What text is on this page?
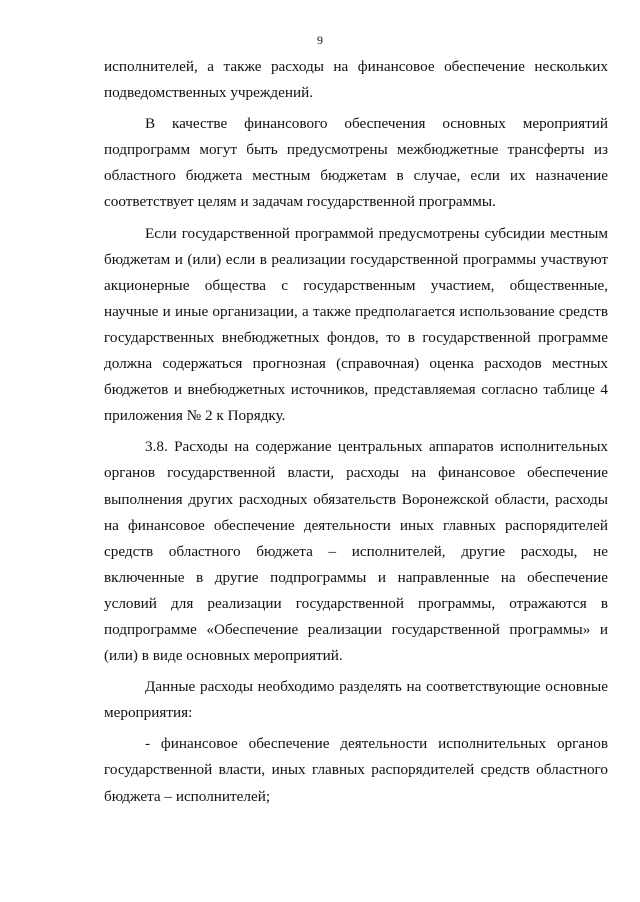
9

исполнителей, а также расходы на финансовое обеспечение нескольких подведомственных учреждений.

В качестве финансового обеспечения основных мероприятий подпрограмм могут быть предусмотрены межбюджетные трансферты из областного бюджета местным бюджетам в случае, если их назначение соответствует целям и задачам государственной программы.

Если государственной программой предусмотрены субсидии местным бюджетам и (или) если в реализации государственной программы участвуют акционерные общества с государственным участием, общественные, научные и иные организации, а также предполагается использование средств государственных внебюджетных фондов, то в государственной программе должна содержаться прогнозная (справочная) оценка расходов местных бюджетов и внебюджетных источников, представляемая согласно таблице 4 приложения № 2 к Порядку.

3.8. Расходы на содержание центральных аппаратов исполнительных органов государственной власти, расходы на финансовое обеспечение выполнения других расходных обязательств Воронежской области, расходы на финансовое обеспечение деятельности иных главных распорядителей средств областного бюджета – исполнителей, другие расходы, не включенные в другие подпрограммы и направленные на обеспечение условий для реализации государственной программы, отражаются в подпрограмме «Обеспечение реализации государственной программы» и (или) в виде основных мероприятий.

Данные расходы необходимо разделять на соответствующие основные мероприятия:

- финансовое обеспечение деятельности исполнительных органов государственной власти, иных главных распорядителей средств областного бюджета – исполнителей;
